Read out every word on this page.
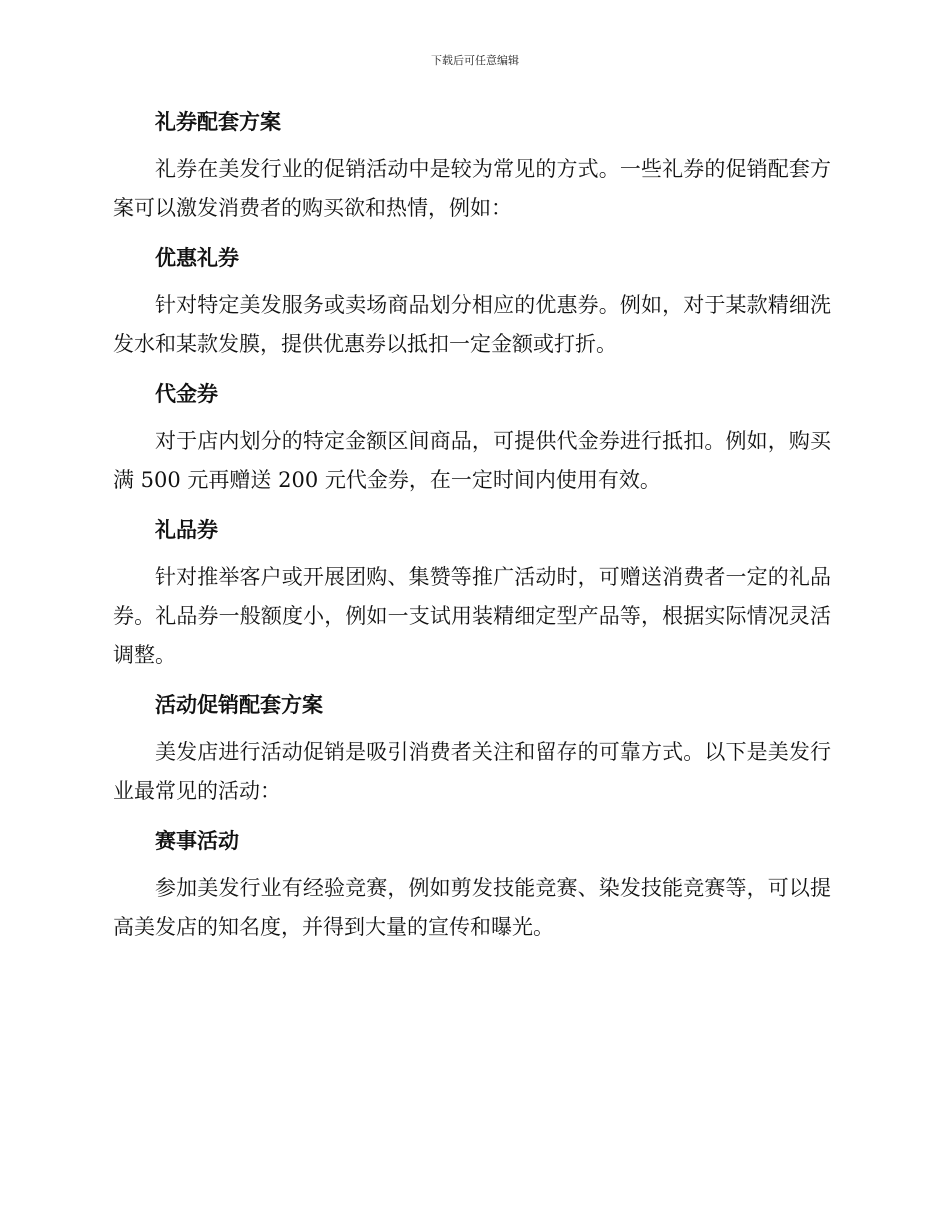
下载后可任意编辑
礼券配套方案

礼券在美发行业的促销活动中是较为常见的方式。一些礼券的促销配套方案可以激发消费者的购买欲和热情，例如：

优惠礼券

针对特定美发服务或卖场商品划分相应的优惠券。例如，对于某款精细洗发水和某款发膜，提供优惠券以抵扣一定金额或打折。

代金券

对于店内划分的特定金额区间商品，可提供代金券进行抵扣。例如，购买满 500 元再赠送 200 元代金券，在一定时间内使用有效。

礼品券

针对推举客户或开展团购、集赞等推广活动时，可赠送消费者一定的礼品券。礼品券一般额度小，例如一支试用装精细定型产品等，根据实际情况灵活调整。

活动促销配套方案

美发店进行活动促销是吸引消费者关注和留存的可靠方式。以下是美发行业最常见的活动：

赛事活动

参加美发行业有经验竞赛，例如剪发技能竞赛、染发技能竞赛等，可以提高美发店的知名度，并得到大量的宣传和曝光。
